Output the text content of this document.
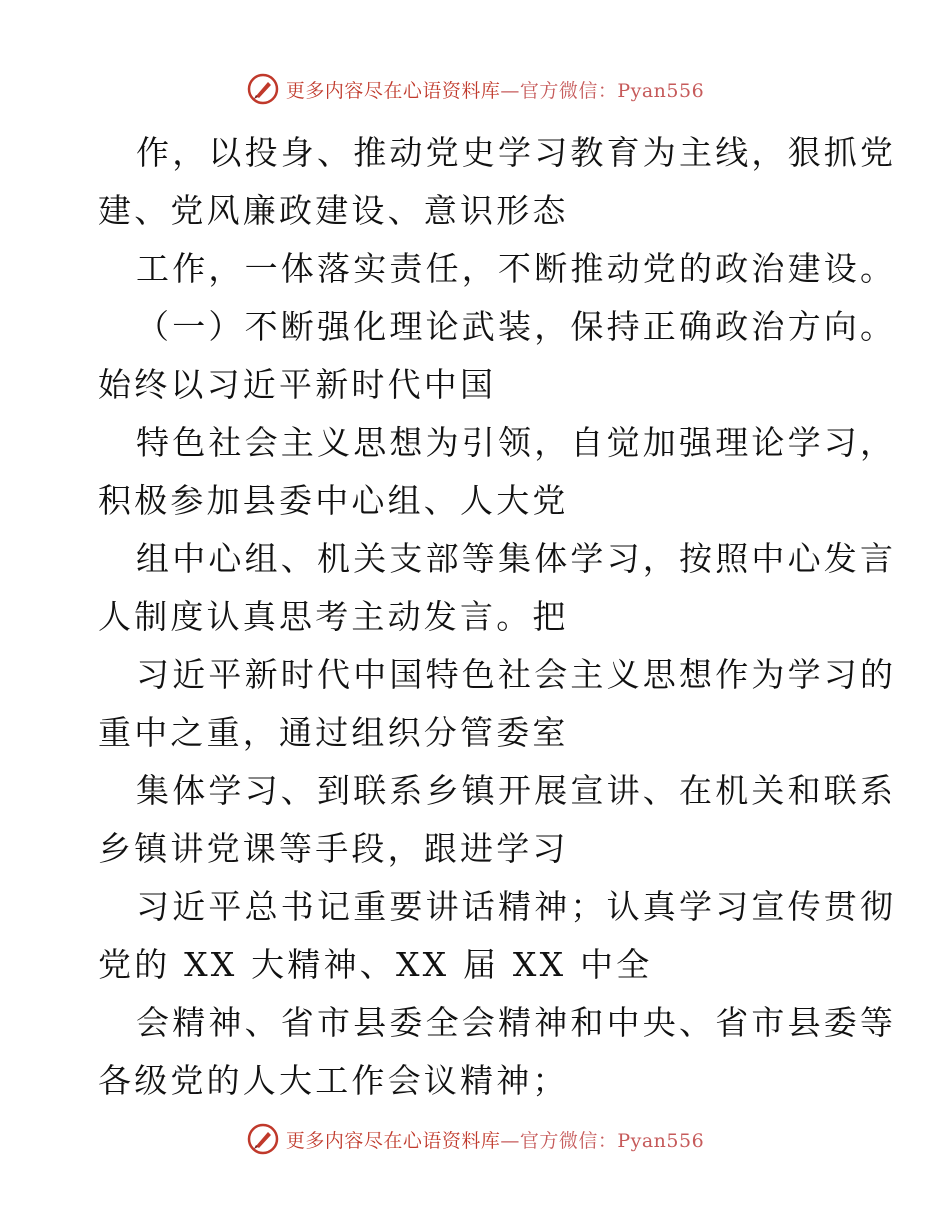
更多内容尽在心语资料库—官方微信：Pyan556
作，以投身、推动党史学习教育为主线，狠抓党
建、党风廉政建设、意识形态
工作，一体落实责任，不断推动党的政治建设。
（一）不断强化理论武装，保持正确政治方向。
始终以习近平新时代中国
特色社会主义思想为引领，自觉加强理论学习，
积极参加县委中心组、人大党
组中心组、机关支部等集体学习，按照中心发言
人制度认真思考主动发言。把
习近平新时代中国特色社会主义思想作为学习的
重中之重，通过组织分管委室
集体学习、到联系乡镇开展宣讲、在机关和联系
乡镇讲党课等手段，跟进学习
习近平总书记重要讲话精神；认真学习宣传贯彻
党的 XX 大精神、XX 届 XX 中全
会精神、省市县委全会精神和中央、省市县委等
各级党的人大工作会议精神；
更多内容尽在心语资料库—官方微信：Pyan556
